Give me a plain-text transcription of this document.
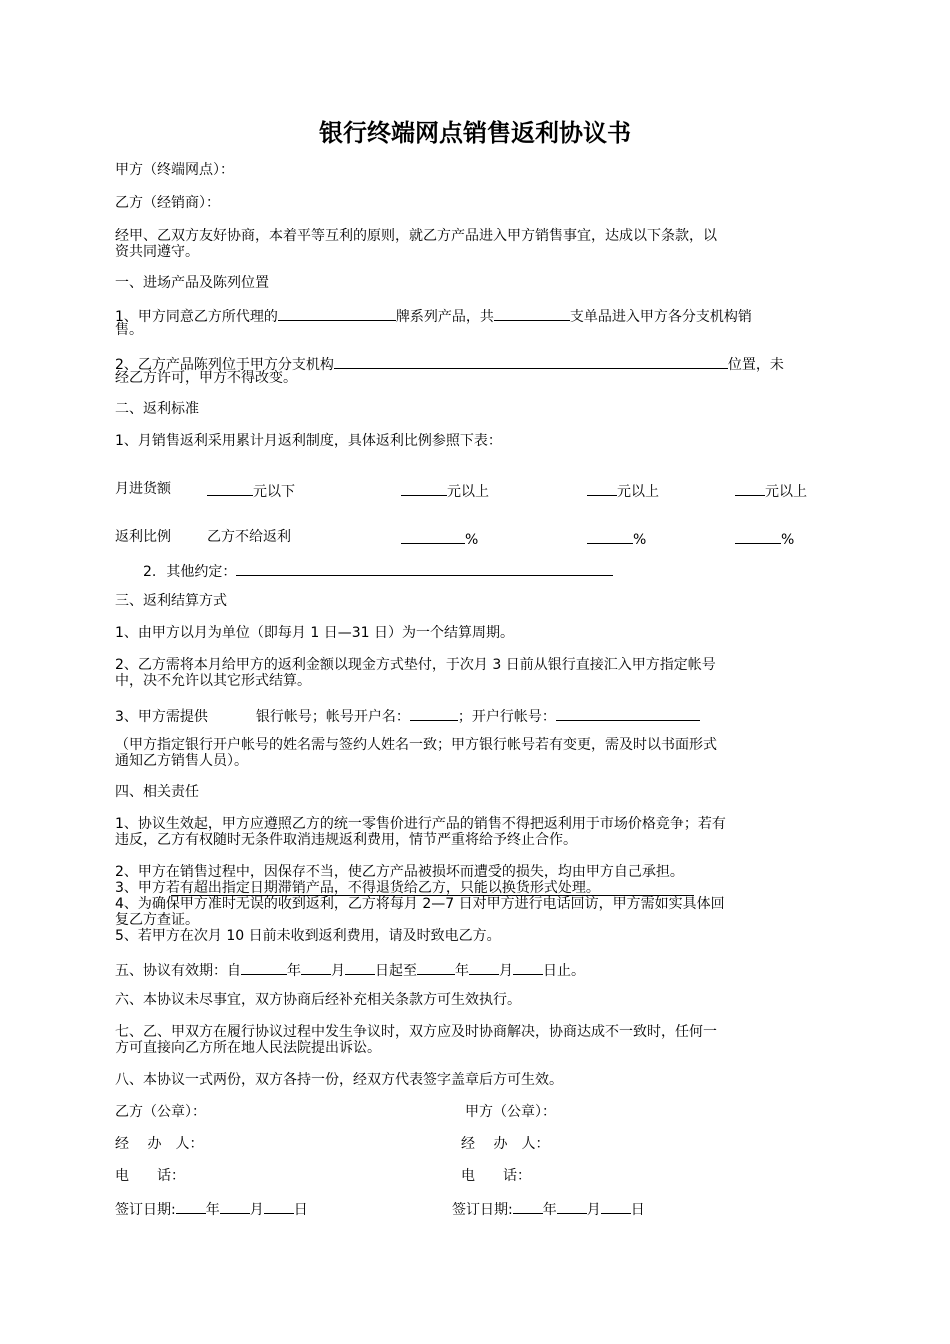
银行终端网点销售返利协议书
甲方（终端网点）：
乙方（经销商）：
经甲、乙双方友好协商，本着平等互利的原则，就乙方产品进入甲方销售事宜，达成以下条款，以
资共同遵守。
一、进场产品及陈列位置
1、甲方同意乙方所代理的	牌系列产品，共	支单品进入甲方各分支机构销
售。
2、乙方产品陈列位于甲方分支机构	位置，未
经乙方许可，甲方不得改变。
二、返利标准
1、月销售返利采用累计月返利制度，具体返利比例参照下表：
月进货额	元以下	元以上	元以上	元以上
返利比例	乙方不给返利	%	%	%
2. 其他约定：
三、返利结算方式
1、由甲方以月为单位（即每月 1 日—31 日）为一个结算周期。
2、乙方需将本月给甲方的返利金额以现金方式垫付，于次月 3 日前从银行直接汇入甲方指定帐号
中，决不允许以其它形式结算。
3、甲方需提供	银行帐号；帐号开户名：	；开户行帐号：
（甲方指定银行开户帐号的姓名需与签约人姓名一致；甲方银行帐号若有变更，需及时以书面形式
通知乙方销售人员）。
四、相关责任
1、协议生效起，甲方应遵照乙方的统一零售价进行产品的销售不得把返利用于市场价格竞争；若有
违反，乙方有权随时无条件取消违规返利费用，情节严重将给予终止合作。
2、甲方在销售过程中，因保存不当，使乙方产品被损坏而遭受的损失，均由甲方自己承担。
3、甲方若有超出指定日期滞销产品，不得退货给乙方，只能以换货形式处理。
4、为确保甲方准时无误的收到返利，乙方将每月 2—7 日对甲方进行电话回访，甲方需如实具体回
复乙方查证。
5、若甲方在次月 10 日前未收到返利费用，请及时致电乙方。
五、协议有效期：自	年 月 日起至	年 月 日止。
六、本协议未尽事宜，双方协商后经补充相关条款方可生效执行。
七、乙、甲双方在履行协议过程中发生争议时，双方应及时协商解决，协商达成不一致时，任何一
方可直接向乙方所在地人民法院提出诉讼。
八、本协议一式两份，双方各持一份，经双方代表签字盖章后方可生效。
乙方（公章）：	甲方（公章）：
经　 办　人：	经　 办　人：
电　　话：	电　　话：
签订日期: 年 月 日	签订日期: 年 月 日
